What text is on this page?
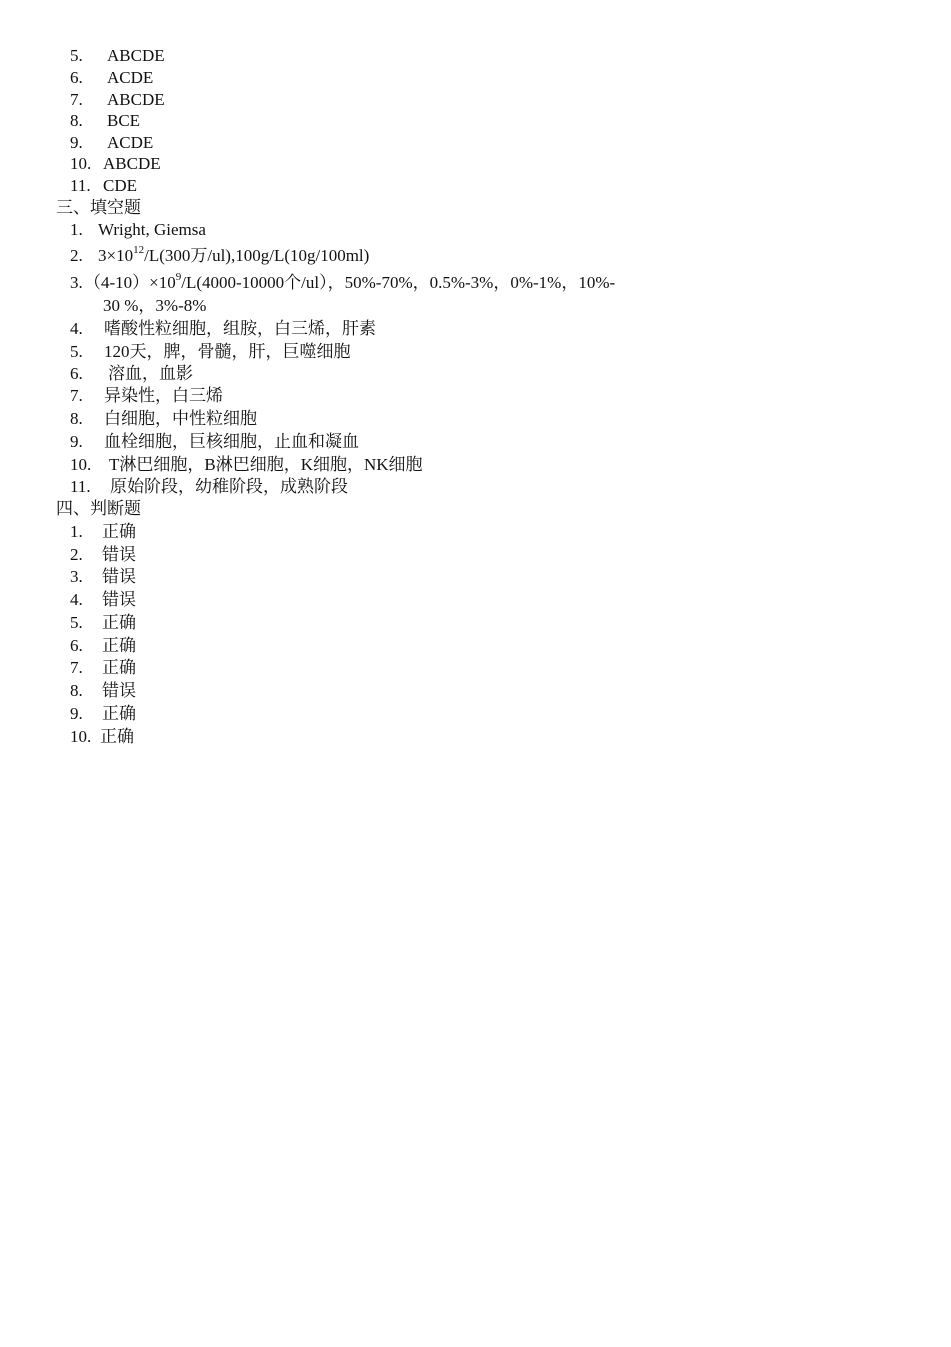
5. ABCDE
6. ACDE
7. ABCDE
8. BCE
9. ACDE
10. ABCDE
11. CDE
三、填空题
1. Wright, Giemsa
2. $3\times 10^{12}/L(300$万/ul),100g/L(10g/100ml)
$3.(4-10)\times 10^9/L(4000-10000$个/ul），50%-70%，0.5%-3%，0%-1%，10%-
30 %，3%-8%
4. 嗜酸性粒细胞，组胺，白三烯，肝素
5. 120天，脾，骨髓，肝，巨噬细胞
6. 溶血，血影
7. 异染性，白三烯
8. 白细胞，中性粒细胞
9. 血栓细胞，巨核细胞，止血和凝血
10. T淋巴细胞，B淋巴细胞，K细胞，NK细胞
11. 原始阶段，幼稚阶段，成熟阶段
四、判断题
1. 正确
2. 错误
3. 错误
4. 错误
5. 正确
6. 正确
7. 正确
8. 错误
9. 正确
10. 正确
